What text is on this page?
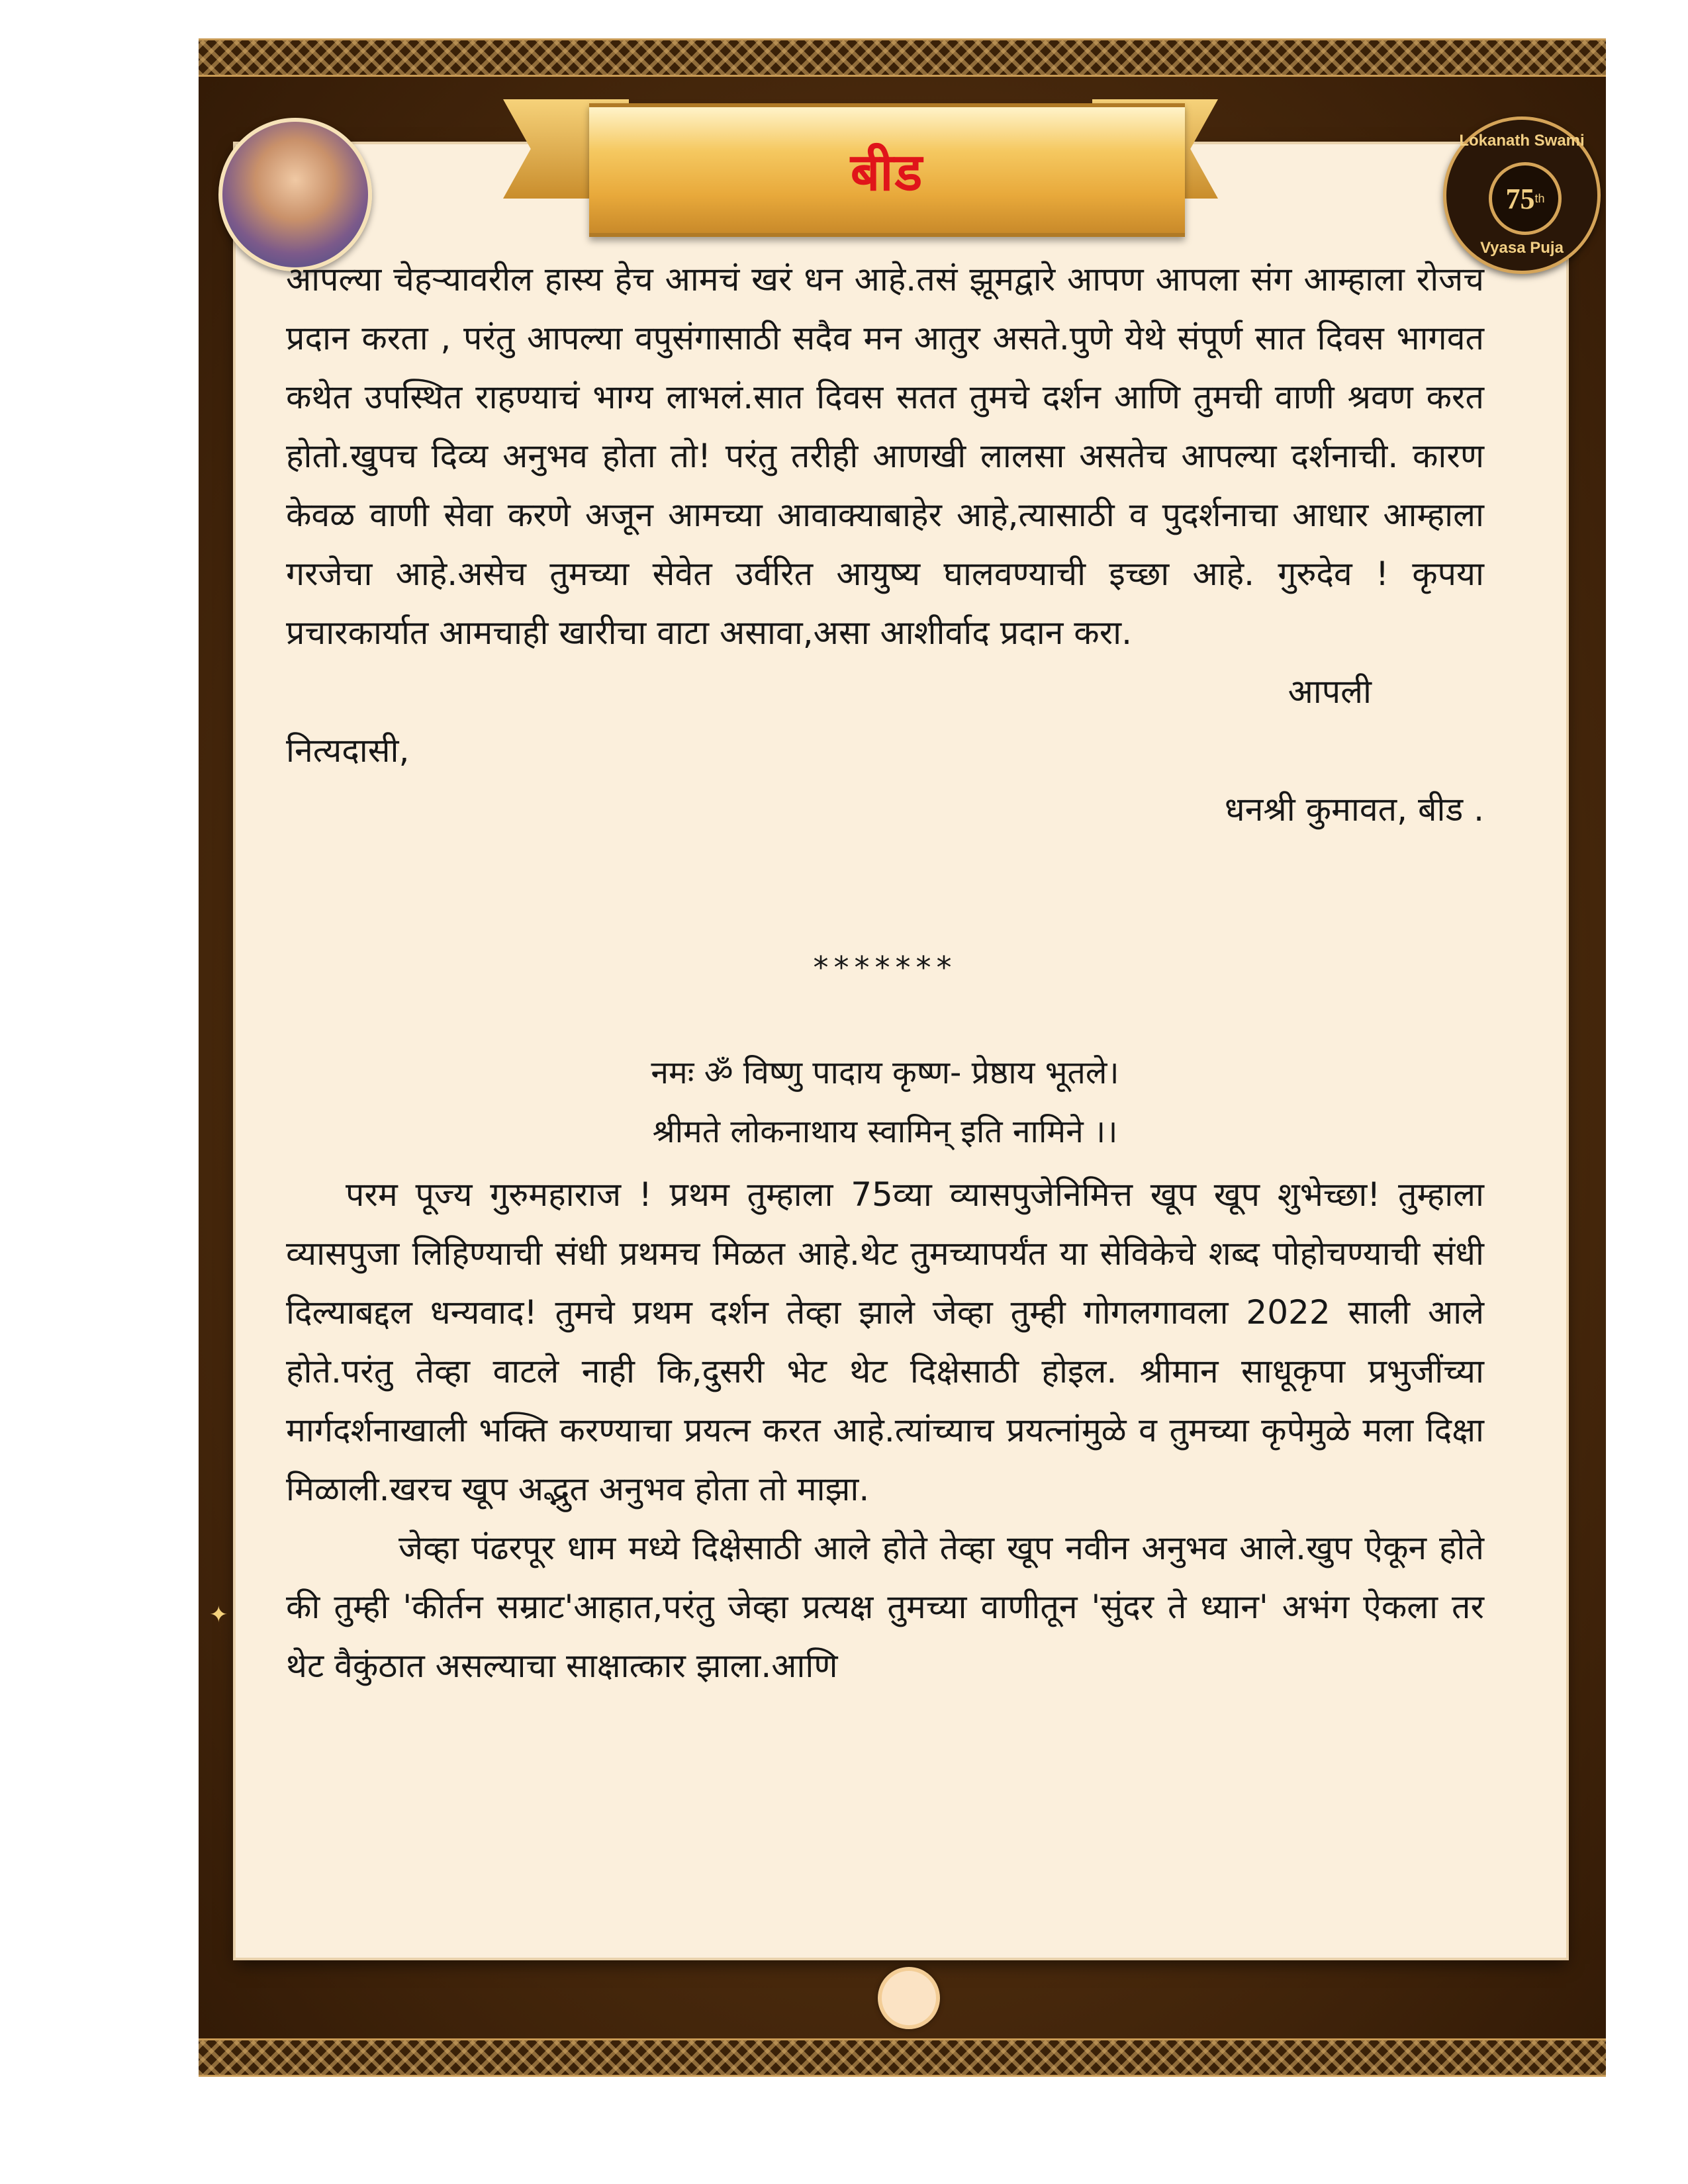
बीड
Lokanath Swami
75 th
Vyasa Puja
✦

आपल्या चेहऱ्यावरील हास्य हेच आमचं खरं धन आहे.तसं झूमद्वारे आपण आपला संग आम्हाला रोजच प्रदान करता , परंतु आपल्या वपुसंगासाठी सदैव मन आतुर असते.पुणे येथे संपूर्ण सात दिवस भागवत कथेत उपस्थित राहण्याचं भाग्य लाभलं.सात दिवस सतत तुमचे दर्शन आणि तुमची वाणी श्रवण करत होतो.खुपच दिव्य अनुभव होता तो! परंतु तरीही आणखी लालसा असतेच आपल्या दर्शनाची. कारण केवळ वाणी सेवा करणे अजून आमच्या आवाक्याबाहेर आहे,त्यासाठी व पुदर्शनाचा आधार आम्हाला गरजेचा आहे.असेच तुमच्या सेवेत उर्वरित आयुष्य घालवण्याची इच्छा आहे. गुरुदेव ! कृपया प्रचारकार्यात आमचाही खारीचा वाटा असावा,असा आशीर्वाद प्रदान करा.

आपली

नित्यदासी,

धनश्री कुमावत, बीड .

*******

नमः ॐ विष्णु पादाय कृष्ण- प्रेष्ठाय भूतले।

श्रीमते लोकनाथाय स्वामिन् इति नामिने ।।

परम पूज्य गुरुमहाराज ! प्रथम तुम्हाला 75व्या व्यासपुजेनिमित्त खूप खूप शुभेच्छा! तुम्हाला व्यासपुजा लिहिण्याची संधी प्रथमच मिळत आहे.थेट तुमच्यापर्यंत या सेविकेचे शब्द पोहोचण्याची संधी दिल्याबद्दल धन्यवाद! तुमचे प्रथम दर्शन तेव्हा झाले जेव्हा तुम्ही गोगलगावला 2022 साली आले होते.परंतु तेव्हा वाटले नाही कि,दुसरी भेट थेट दिक्षेसाठी होइल. श्रीमान साधूकृपा प्रभुजींच्या मार्गदर्शनाखाली भक्ति करण्याचा प्रयत्न करत आहे.त्यांच्याच प्रयत्नांमुळे व तुमच्या कृपेमुळे मला दिक्षा मिळाली.खरच खूप अद्भुत अनुभव होता तो माझा.

जेव्हा पंढरपूर धाम मध्ये दिक्षेसाठी आले होते तेव्हा खूप नवीन अनुभव आले.खुप ऐकून होते की तुम्ही 'कीर्तन सम्राट'आहात,परंतु जेव्हा प्रत्यक्ष तुमच्या वाणीतून 'सुंदर ते ध्यान' अभंग ऐकला तर थेट वैकुंठात असल्याचा साक्षात्कार झाला.आणि
